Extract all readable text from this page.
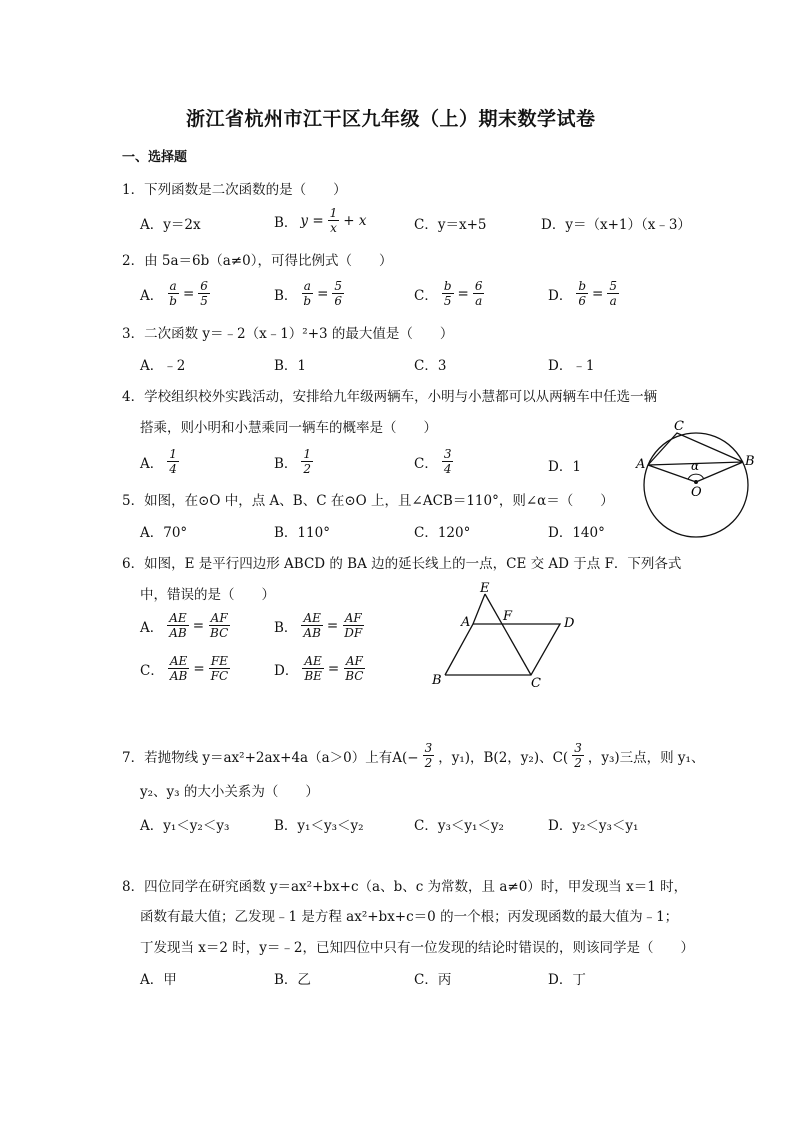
浙江省杭州市江干区九年级（上）期末数学试卷
一、选择题
1．下列函数是二次函数的是（　　）
A．y＝2x	B． $y = \frac{1}{x} + x$	C．y＝x+5	D．y＝（x+1）（x﹣3）
2．由 5a＝6b（a≠0），可得比例式（　　）
A． $\frac{a}{b} = \frac{6}{5}$	B． $\frac{a}{b} = \frac{5}{6}$	C． $\frac{b}{5} = \frac{6}{a}$	D． $\frac{b}{6} = \frac{5}{a}$
3．二次函数 y＝﹣2（x﹣1）²+3 的最大值是（　　）
A．﹣2	B．1	C．3	D．﹣1
4．学校组织校外实践活动，安排给九年级两辆车，小明与小慧都可以从两辆车中任选一辆
搭乘，则小明和小慧乘同一辆车的概率是（　　）
A． $\frac{1}{4}$	B． $\frac{1}{2}$	C． $\frac{3}{4}$	D．1
5．如图，在⊙O 中，点 A、B、C 在⊙O 上，且∠ACB＝110°，则∠α＝（　　）
A．70°	B．110°	C．120°	D．140°
A
C
B
O
α
6．如图，E 是平行四边形 ABCD 的 BA 边的延长线上的一点，CE 交 AD 于点 F．下列各式
中，错误的是（　　）
A． $\frac{AE}{AB} = \frac{AF}{BC}$	B． $\frac{AE}{AB} = \frac{AF}{DF}$
C． $\frac{AE}{AB} = \frac{FE}{FC}$	D． $\frac{AE}{BE} = \frac{AF}{BC}$
E
A	F	D
B	C
7．若抛物线 y＝ax²+2ax+4a（a＞0）上有$A(- \frac{3}{2}$ ，y₁)，B(2，y₂)、$C( \frac{3}{2}$ ，y₃)三点，则 y₁、
y₂、y₃ 的大小关系为（　　）
A．y₁＜y₂＜y₃	B．y₁＜y₃＜y₂	C．y₃＜y₁＜y₂	D．y₂＜y₃＜y₁
8．四位同学在研究函数 y＝ax²+bx+c（a、b、c 为常数，且 a≠0）时，甲发现当 x＝1 时，
函数有最大值；乙发现﹣1 是方程 ax²+bx+c＝0 的一个根；丙发现函数的最大值为﹣1；
丁发现当 x＝2 时，y＝﹣2，已知四位中只有一位发现的结论时错误的，则该同学是（　　）
A．甲	B．乙	C．丙	D．丁
